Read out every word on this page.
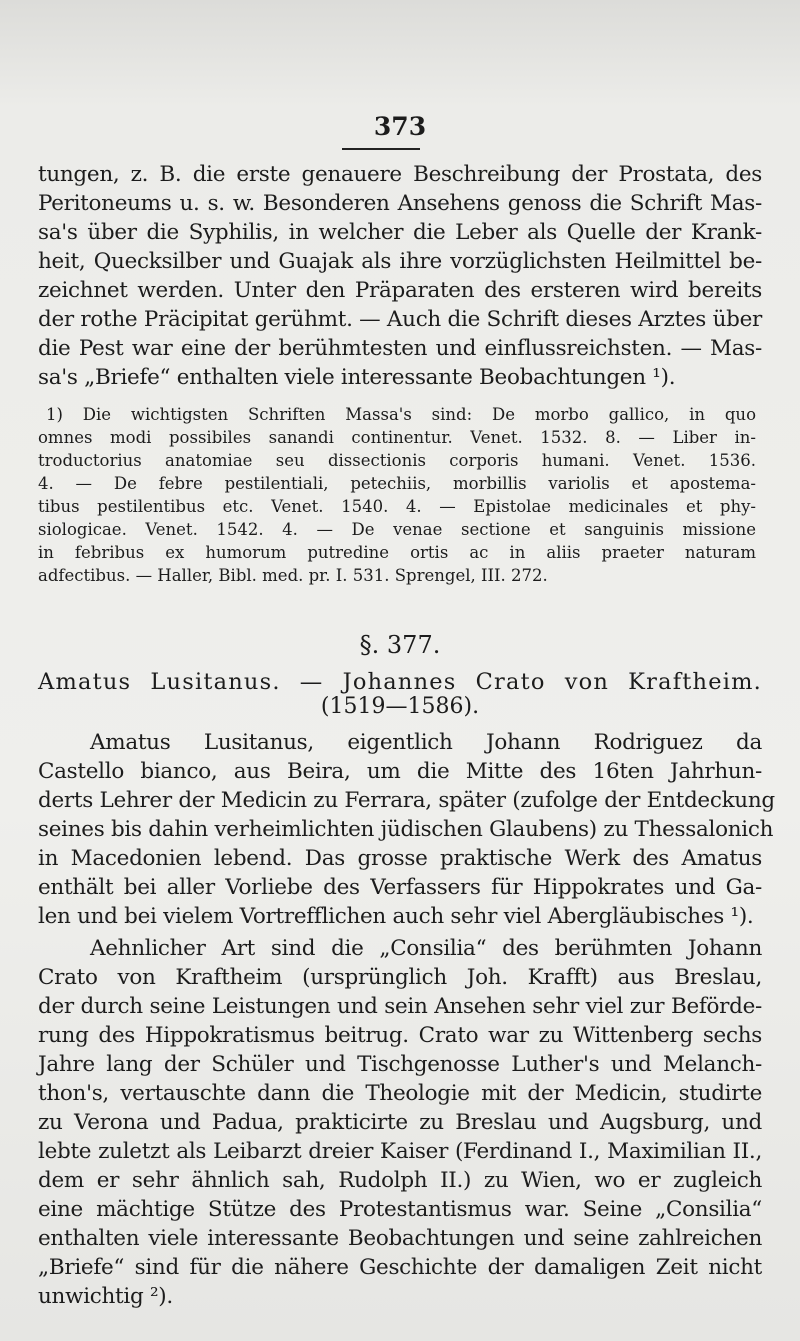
373
tungen, z. B. die erste genauere Beschreibung der Prostata, des
Peritoneums u. s. w. Besonderen Ansehens genoss die Schrift Mas-
sa's über die Syphilis, in welcher die Leber als Quelle der Krank-
heit, Quecksilber und Guajak als ihre vorzüglichsten Heilmittel be-
zeichnet werden. Unter den Präparaten des ersteren wird bereits
der rothe Präcipitat gerühmt. — Auch die Schrift dieses Arztes über
die Pest war eine der berühmtesten und einflussreichsten. — Mas-
sa's „Briefe“ enthalten viele interessante Beobachtungen ¹).
1) Die wichtigsten Schriften Massa's sind: De morbo gallico, in quo
omnes modi possibiles sanandi continentur. Venet. 1532. 8. — Liber in-
troductorius anatomiae seu dissectionis corporis humani. Venet. 1536.
4. — De febre pestilentiali, petechiis, morbillis variolis et apostema-
tibus pestilentibus etc. Venet. 1540. 4. — Epistolae medicinales et phy-
siologicae. Venet. 1542. 4. — De venae sectione et sanguinis missione
in febribus ex humorum putredine ortis ac in aliis praeter naturam
adfectibus. — Haller, Bibl. med. pr. I. 531. Sprengel, III. 272.
§. 377.
Amatus Lusitanus. — Johannes Crato von Kraftheim.
(1519—1586).
Amatus Lusitanus, eigentlich Johann Rodriguez da
Castello bianco, aus Beira, um die Mitte des 16ten Jahrhun-
derts Lehrer der Medicin zu Ferrara, später (zufolge der Entdeckung
seines bis dahin verheimlichten jüdischen Glaubens) zu Thessalonich
in Macedonien lebend. Das grosse praktische Werk des Amatus
enthält bei aller Vorliebe des Verfassers für Hippokrates und Ga-
len und bei vielem Vortrefflichen auch sehr viel Abergläubisches ¹).
Aehnlicher Art sind die „Consilia“ des berühmten Johann
Crato von Kraftheim (ursprünglich Joh. Krafft) aus Breslau,
der durch seine Leistungen und sein Ansehen sehr viel zur Beförde-
rung des Hippokratismus beitrug. Crato war zu Wittenberg sechs
Jahre lang der Schüler und Tischgenosse Luther's und Melanch-
thon's, vertauschte dann die Theologie mit der Medicin, studirte
zu Verona und Padua, prakticirte zu Breslau und Augsburg, und
lebte zuletzt als Leibarzt dreier Kaiser (Ferdinand I., Maximilian II.,
dem er sehr ähnlich sah, Rudolph II.) zu Wien, wo er zugleich
eine mächtige Stütze des Protestantismus war. Seine „Consilia“
enthalten viele interessante Beobachtungen und seine zahlreichen
„Briefe“ sind für die nähere Geschichte der damaligen Zeit nicht
unwichtig ²).
